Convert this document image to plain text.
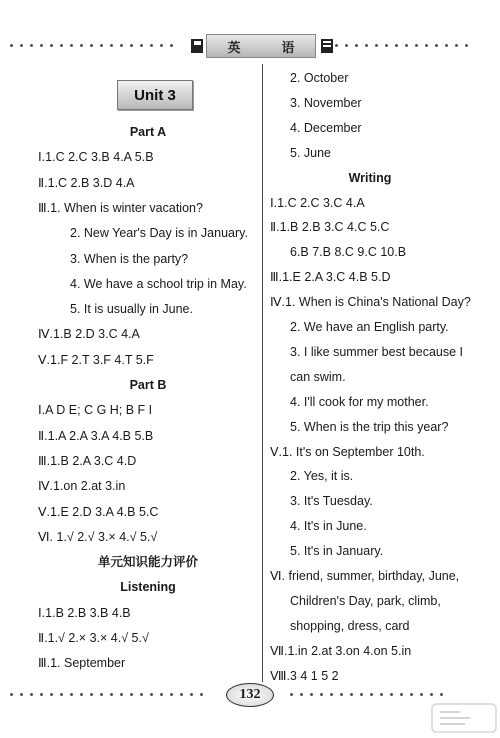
英	语
Unit 3
Part A
Ⅰ.1.C 2.C 3.B 4.A 5.B
Ⅱ.1.C 2.B 3.D 4.A
Ⅲ.1. When is winter vacation?
2. New Year's Day is in January.
3. When is the party?
4. We have a school trip in May.
5. It is usually in June.
Ⅳ.1.B 2.D 3.C 4.A
Ⅴ.1.F 2.T 3.F 4.T 5.F
Part B
Ⅰ.A D E; C G H; B F I
Ⅱ.1.A 2.A 3.A 4.B 5.B
Ⅲ.1.B 2.A 3.C 4.D
Ⅳ.1.on 2.at 3.in
Ⅴ.1.E 2.D 3.A 4.B 5.C
Ⅵ. 1.√ 2.√ 3.× 4.√ 5.√
单元知识能力评价
Listening
Ⅰ.1.B 2.B 3.B 4.B
Ⅱ.1.√ 2.× 3.× 4.√ 5.√
Ⅲ.1. September
2. October
3. November
4. December
5. June
Writing
Ⅰ.1.C 2.C 3.C 4.A
Ⅱ.1.B 2.B 3.C 4.C 5.C
6.B 7.B 8.C 9.C 10.B
Ⅲ.1.E 2.A 3.C 4.B 5.D
Ⅳ.1. When is China's National Day?
2. We have an English party.
3. I like summer best because I
can swim.
4. I'll cook for my mother.
5. When is the trip this year?
Ⅴ.1. It's on September 10th.
2. Yes, it is.
3. It's Tuesday.
4. It's in June.
5. It's in January.
Ⅵ. friend, summer, birthday, June,
Children's Day, park, climb,
shopping, dress, card
Ⅶ.1.in 2.at 3.on 4.on 5.in
Ⅷ.3 4 1 5 2
132
